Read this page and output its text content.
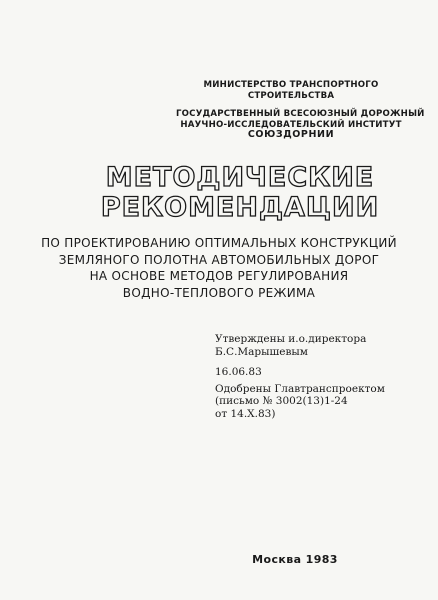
МИНИСТЕРСТВО ТРАНСПОРТНОГО
СТРОИТЕЛЬСТВА
ГОСУДАРСТВЕННЫЙ ВСЕСОЮЗНЫЙ ДОРОЖНЫЙ
НАУЧНО-ИССЛЕДОВАТЕЛЬСКИЙ ИНСТИТУТ
СОЮЗДОРНИИ
МЕТОДИЧЕСКИЕ
РЕКОМЕНДАЦИИ
ПО ПРОЕКТИРОВАНИЮ ОПТИМАЛЬНЫХ КОНСТРУКЦИЙ
ЗЕМЛЯНОГО ПОЛОТНА АВТОМОБИЛЬНЫХ ДОРОГ
НА ОСНОВЕ МЕТОДОВ РЕГУЛИРОВАНИЯ
ВОДНО-ТЕПЛОВОГО РЕЖИМА
Утверждены и.о.директора
Б.С.Марышевым
16.06.83
Одобрены Главтранспроектом
(письмо № 3002(13)1-24
от 14.Х.83)
Москва 1983
